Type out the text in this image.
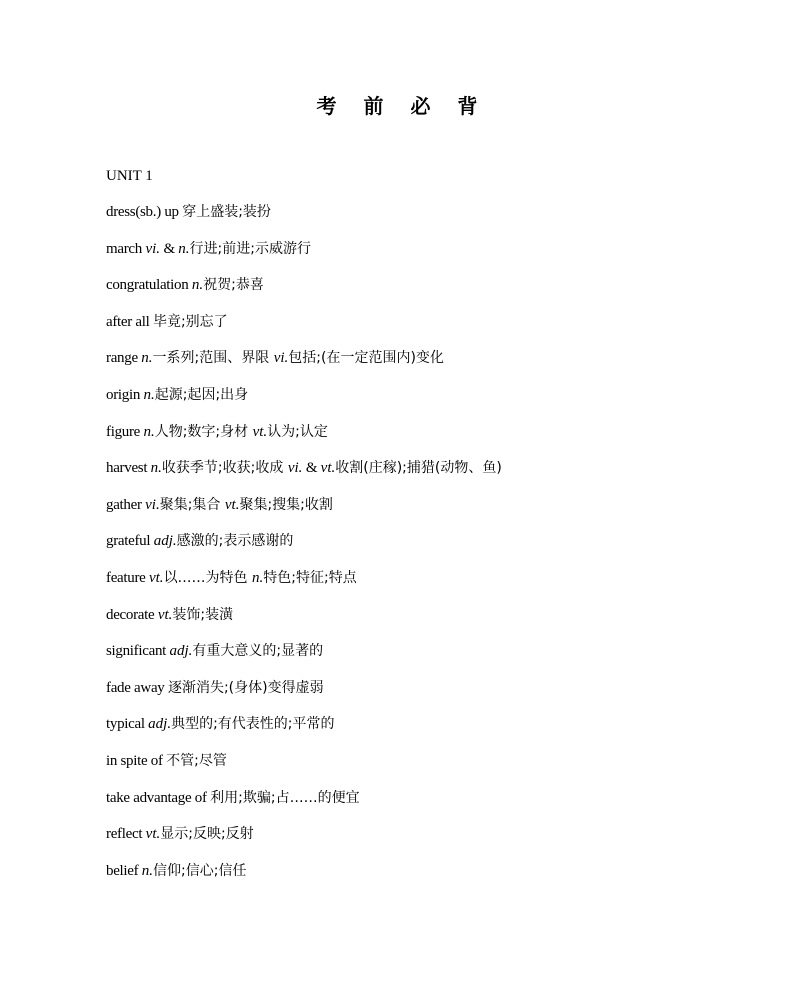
考 前 必 背
UNIT 1
dress(sb.) up 穿上盛装;装扮
march vi. & n.行进;前进;示威游行
congratulation n.祝贺;恭喜
after all 毕竟;别忘了
range n.一系列;范围、界限 vi.包括;(在一定范围内)变化
origin n.起源;起因;出身
figure n.人物;数字;身材 vt.认为;认定
harvest n.收获季节;收获;收成 vi. & vt.收割(庄稼);捕猎(动物、鱼)
gather vi.聚集;集合 vt.聚集;搜集;收割
grateful adj.感激的;表示感谢的
feature vt.以……为特色 n.特色;特征;特点
decorate vt.装饰;装潢
significant adj.有重大意义的;显著的
fade away 逐渐消失;(身体)变得虚弱
typical adj.典型的;有代表性的;平常的
in spite of 不管;尽管
take advantage of 利用;欺骗;占……的便宜
reflect vt.显示;反映;反射
belief n.信仰;信心;信任
